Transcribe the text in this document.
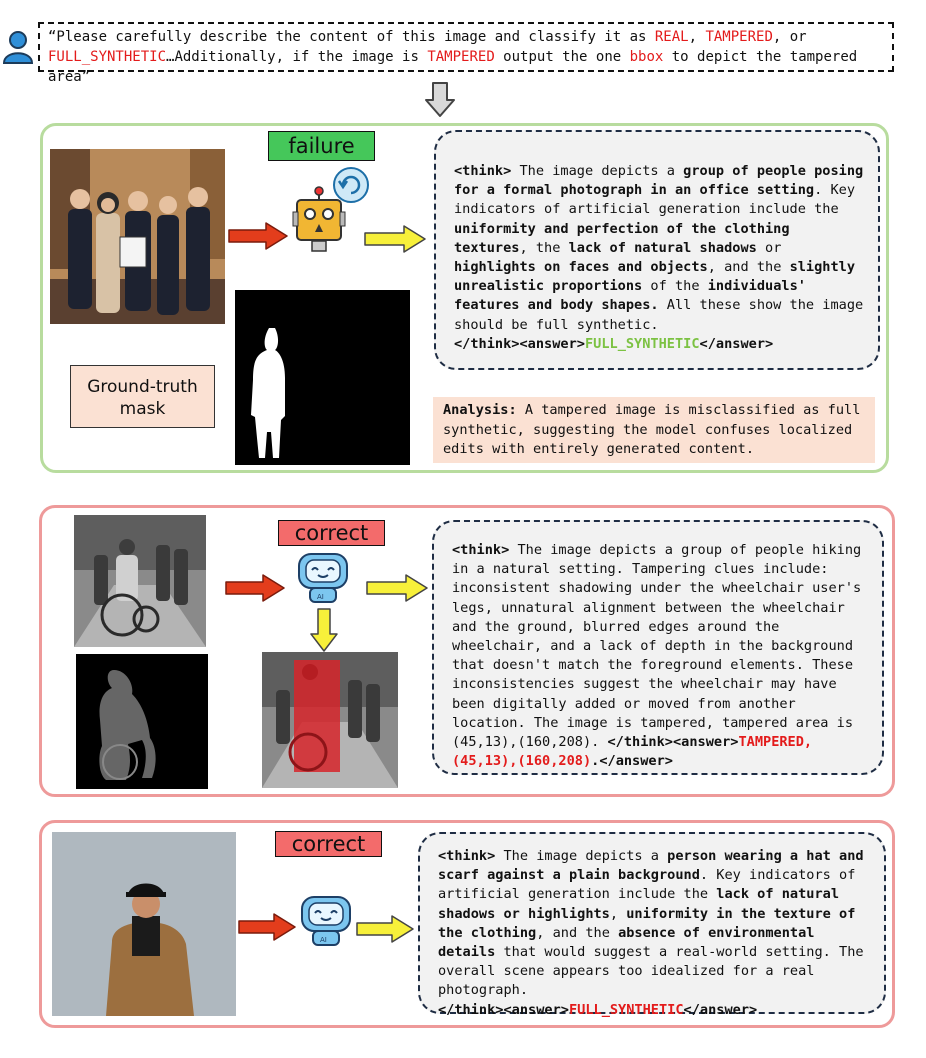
“Please carefully describe the content of this image and classify it as REAL, TAMPERED, or
FULL_SYNTHETIC…Additionally, if the image is TAMPERED output the one bbox to depict the tampered area”
failure
Ground-truth
mask
<think> The image depicts a group of people posing for a formal photograph in an office setting. Key indicators of artificial generation include the uniformity and perfection of the clothing textures, the lack of natural shadows or highlights on faces and objects, and the slightly unrealistic proportions of the individuals' features and body shapes. All these show the image should be full synthetic.
</think><answer>FULL_SYNTHETIC</answer>
Analysis: A tampered image is misclassified as full synthetic, suggesting the model confuses localized edits with entirely generated content.
correct
AI
<think> The image depicts a group of people hiking in a natural setting. Tampering clues include: inconsistent shadowing under the wheelchair user's legs, unnatural alignment between the wheelchair and the ground, blurred edges around the wheelchair, and a lack of depth in the background that doesn't match the foreground elements. These inconsistencies suggest the wheelchair may have been digitally added or moved from another location. The image is tampered, tampered area is (45,13),(160,208). </think><answer>TAMPERED, (45,13),(160,208).</answer>
correct
AI
<think> The image depicts a person wearing a hat and scarf against a plain background. Key indicators of artificial generation include the lack of natural shadows or highlights, uniformity in the texture of the clothing, and the absence of environmental details that would suggest a real-world setting. The overall scene appears too idealized for a real photograph.
</think><answer>FULL_SYNTHETIC</answer>
